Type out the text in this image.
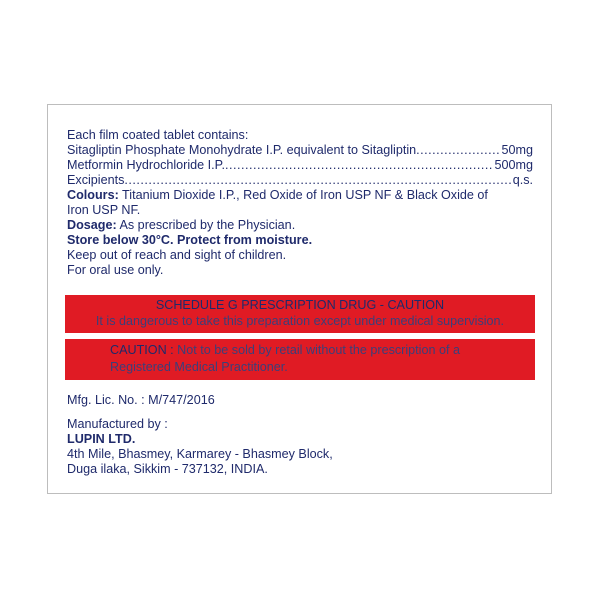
Each film coated tablet contains:
Sitagliptin Phosphate Monohydrate I.P. equivalent to Sitagliptin .....	50mg
Metformin Hydrochloride I.P. .....	500mg
Excipients .....	q.s.
Colours: Titanium Dioxide I.P., Red Oxide of Iron USP NF & Black Oxide of
Iron USP NF.
Dosage: As prescribed by the Physician.
Store below 30°C. Protect from moisture.
Keep out of reach and sight of children.
For oral use only.
SCHEDULE G PRESCRIPTION DRUG - CAUTION
It is dangerous to take this preparation except under medical supervision.
CAUTION : Not to be sold by retail without the prescription of a
Registered Medical Practitioner.
Mfg. Lic. No. : M/747/2016
Manufactured by :
LUPIN LTD.
4th Mile, Bhasmey, Karmarey - Bhasmey Block,
Duga ilaka, Sikkim - 737132, INDIA.
